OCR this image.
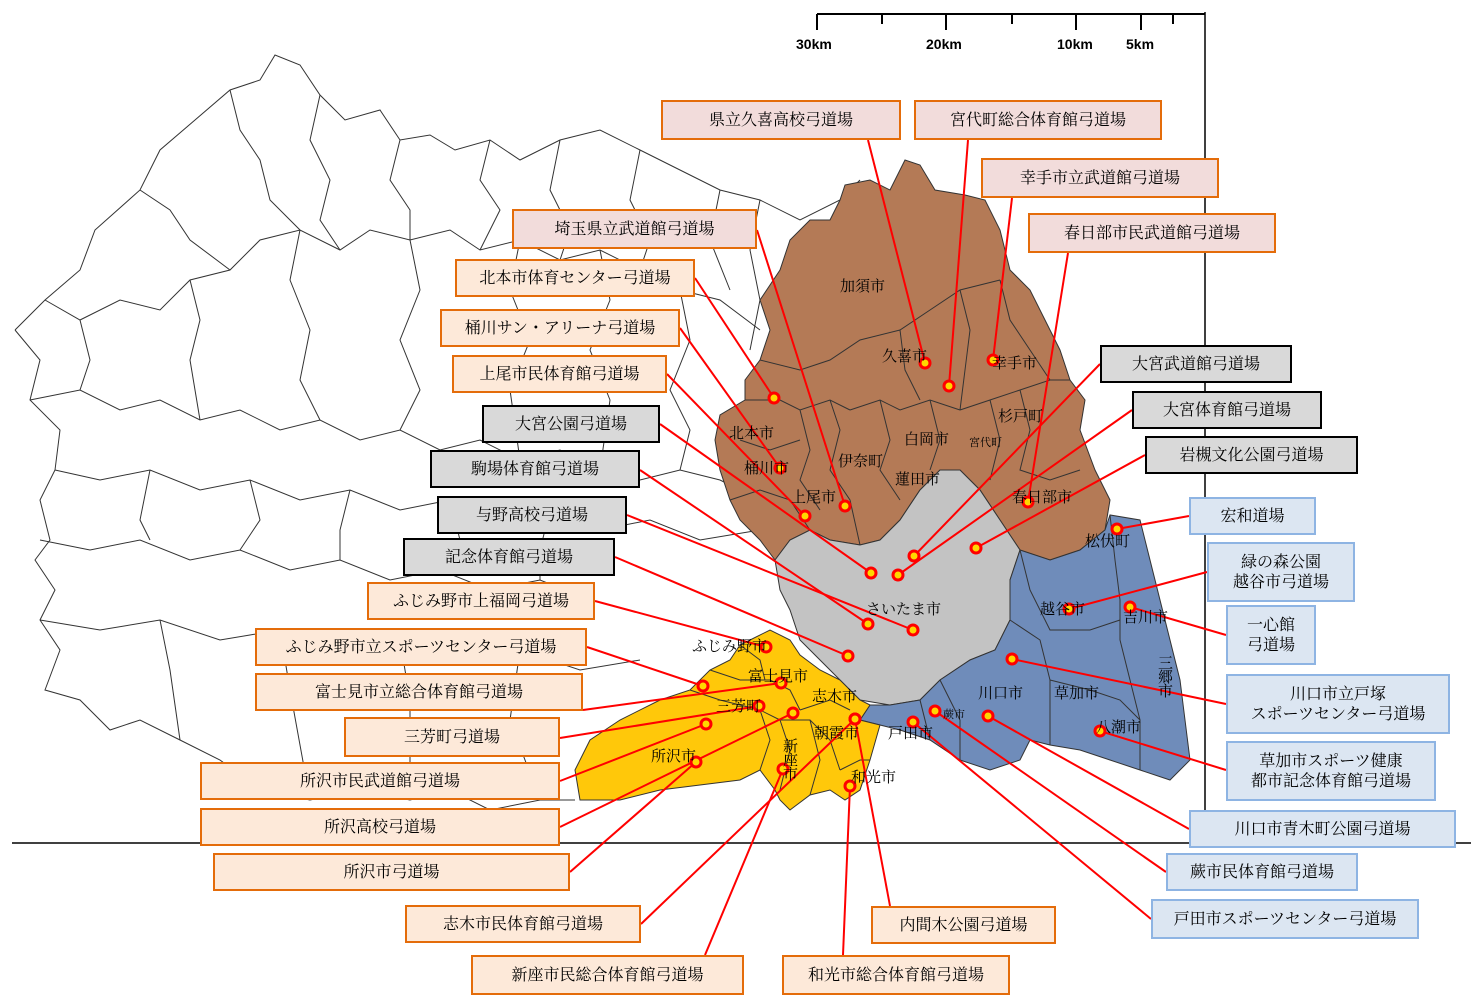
30km	20km	10km 5km
加須市
久喜市	幸手市
北本市
桶川市	伊奈町
白岡市 宮代町
杉戸町
上尾市
蓮田市
春日部市
松伏町
さいたま市	越谷市	吉川市
ふじみ野市
富士見市
三芳町
志木市	川口市 草加市	三郷市
朝霞市 戸田市
蕨市
八潮市
所沢市	新座市	和光市
県立久喜高校弓道場	宮代町総合体育館弓道場
幸手市立武道館弓道場
埼玉県立武道館弓道場	春日部市民武道館弓道場
北本市体育センター弓道場
桶川サン・アリーナ弓道場
上尾市民体育館弓道場
大宮武道館弓道場
大宮体育館弓道場
岩槻文化公園弓道場
大宮公園弓道場
駒場体育館弓道場
与野高校弓道場
記念体育館弓道場
宏和道場
緑の森公園
越谷市弓道場
一心館
弓道場
ふじみ野市上福岡弓道場
ふじみ野市立スポーツセンター弓道場
富士見市立総合体育館弓道場
三芳町弓道場
所沢市民武道館弓道場
所沢高校弓道場
所沢市弓道場
志木市民体育館弓道場
新座市民総合体育館弓道場	和光市総合体育館弓道場
内間木公園弓道場
川口市立戸塚
スポーツセンター弓道場
草加市スポーツ健康
都市記念体育館弓道場
川口市青木町公園弓道場
蕨市民体育館弓道場
戸田市スポーツセンター弓道場
